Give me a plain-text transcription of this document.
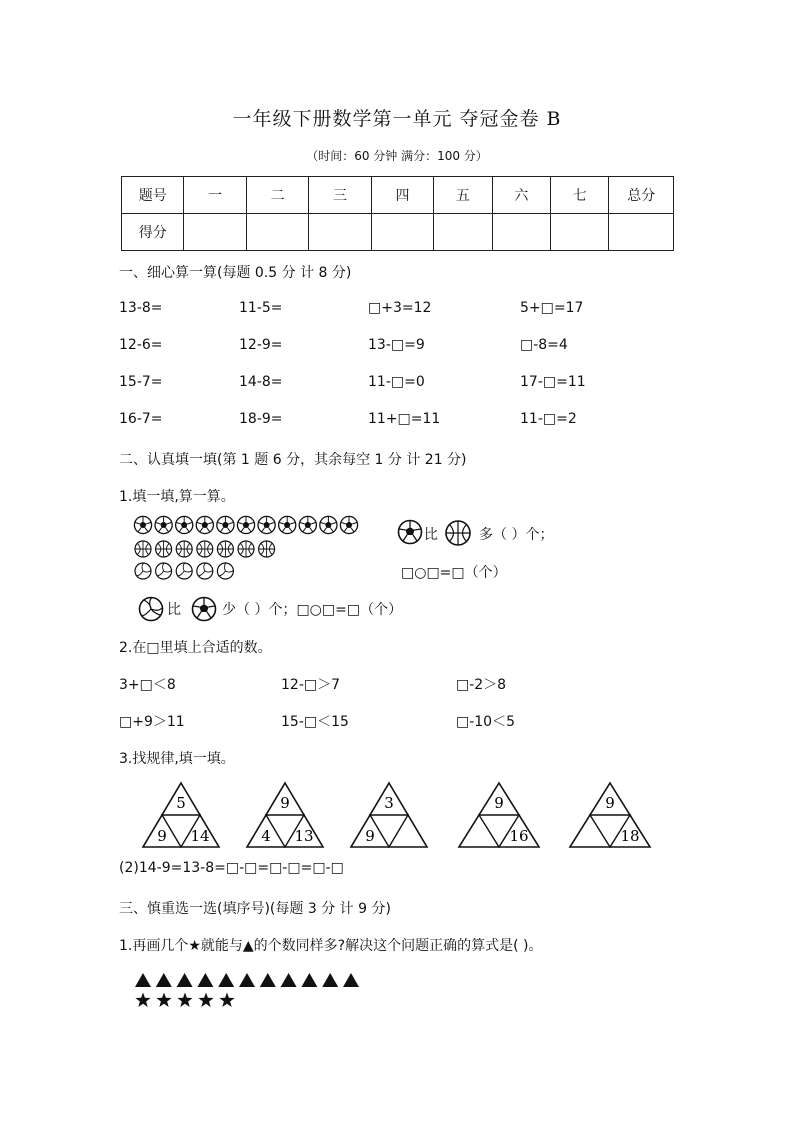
一年级下册数学第一单元 夺冠金卷 B
（时间：60 分钟 满分：100 分）
题号	一	二	三	四	五	六	七	总分
得分								
一、细心算一算(每题 0.5 分 计 8 分)
13-8=	11-5=	□+3=12	5+□=17
12-6=	12-9=	13-□=9	□-8=4
15-7=	14-8=	11-□=0	17-□=11
16-7=	18-9=	11+□=11	11-□=2
二、认真填一填(第 1 题 6 分，其余每空 1 分 计 21 分)
1.填一填,算一算。
比	多（ ）个；
□○□=□（个）
比	少（ ）个；□○□=□（个）
2.在□里填上合适的数。
3+□＜8	12-□＞7	□-2＞8
□+9＞11	15-□＜15	□-10＜5
3.找规律,填一填。
5
9 14
9
4 13
3
9
9
16
9
18
(2)14-9=13-8=□-□=□-□=□-□
三、慎重选一选(填序号)(每题 3 分 计 9 分)
1.再画几个★就能与▲的个数同样多?解决这个问题正确的算式是( )。
